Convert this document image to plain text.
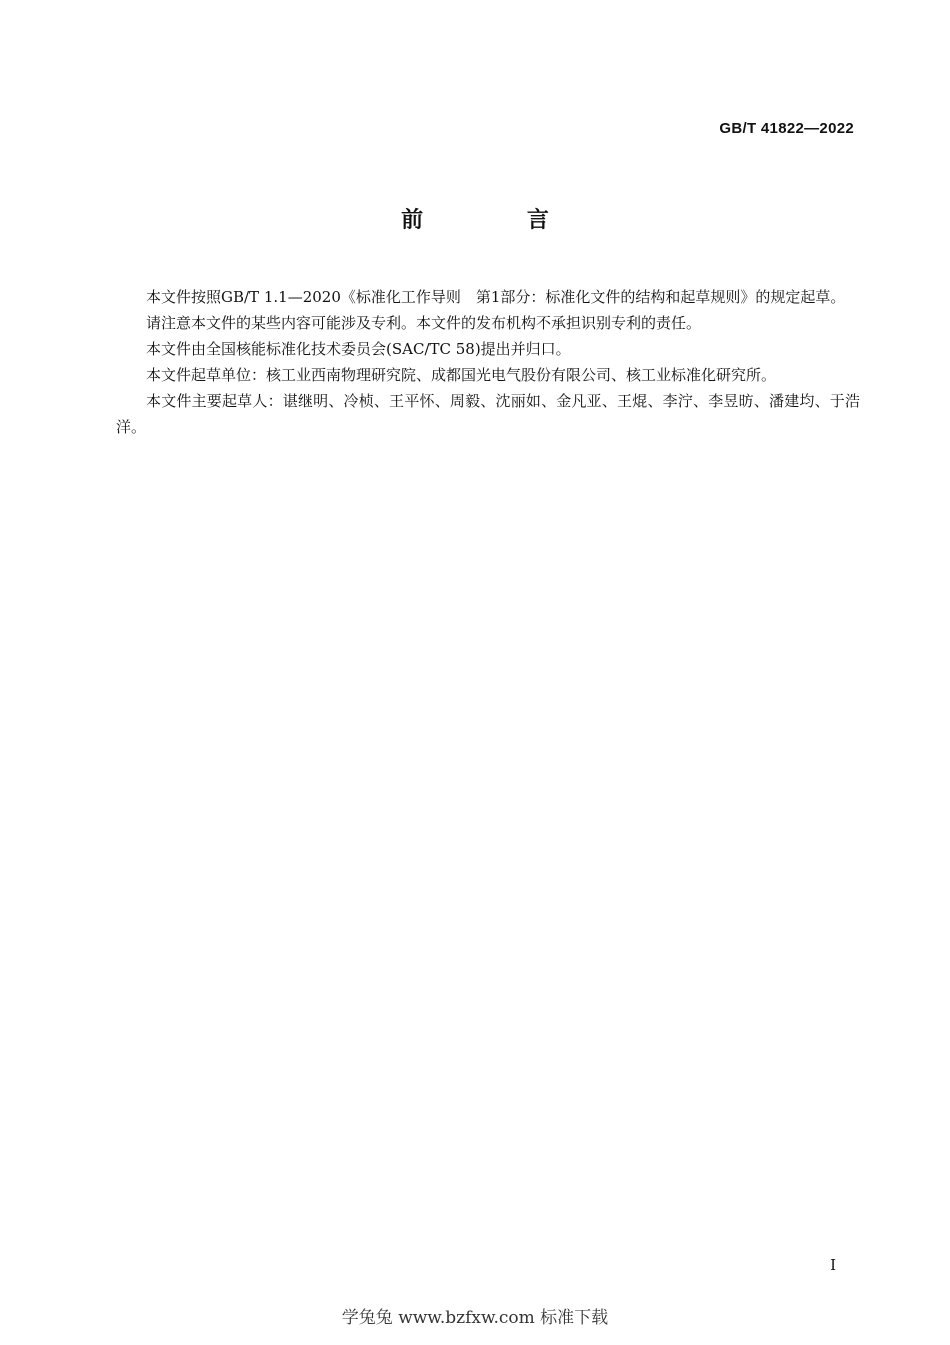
GB/T 41822—2022
前 言

本文件按照GB/T 1.1—2020《标准化工作导则　第1部分：标准化文件的结构和起草规则》的规定起草。

请注意本文件的某些内容可能涉及专利。本文件的发布机构不承担识别专利的责任。

本文件由全国核能标准化技术委员会(SAC/TC 58)提出并归口。

本文件起草单位：核工业西南物理研究院、成都国光电气股份有限公司、核工业标准化研究所。

本文件主要起草人：谌继明、冷桢、王平怀、周毅、沈丽如、金凡亚、王焜、李泞、李昱昉、潘建均、于浩洋。

I
学兔兔 www.bzfxw.com 标准下载
